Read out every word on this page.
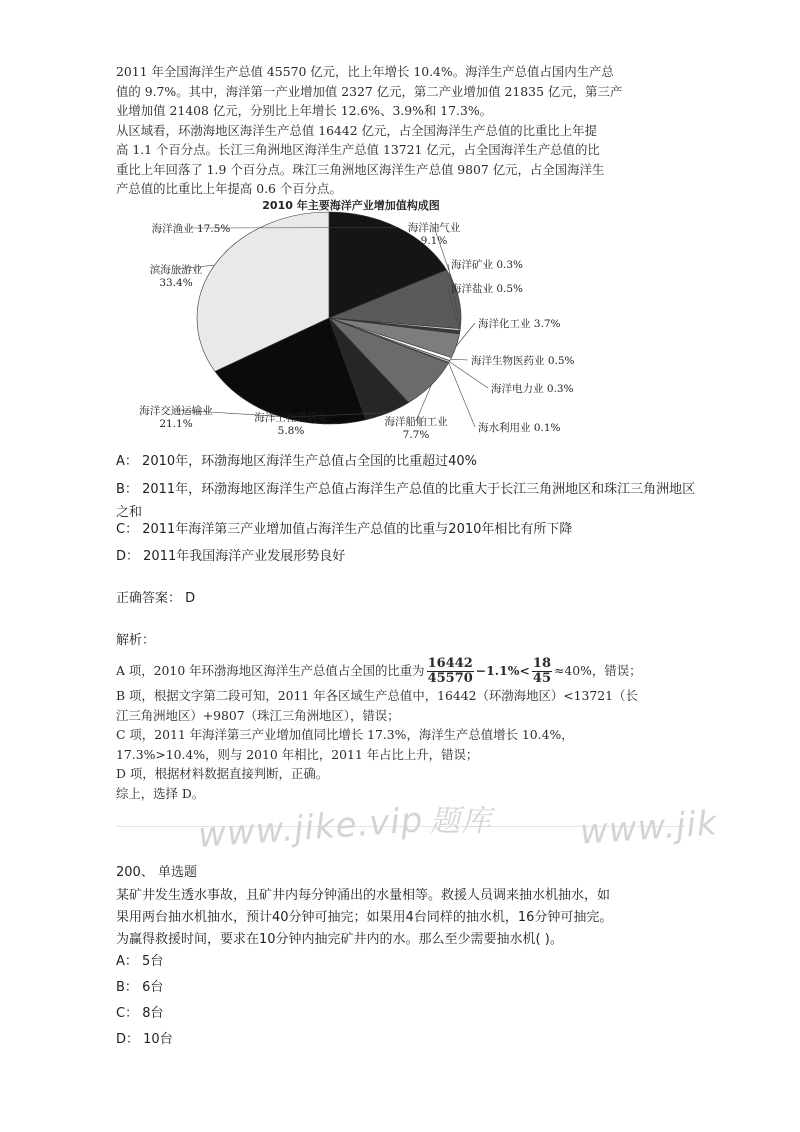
2011 年全国海洋生产总值 45570 亿元，比上年增长 10.4%。海洋生产总值占国内生产总

值的 9.7%。其中，海洋第一产业增加值 2327 亿元，第二产业增加值 21835 亿元，第三产

业增加值 21408 亿元，分别比上年增长 12.6%、3.9%和 17.3%。

从区域看，环渤海地区海洋生产总值 16442 亿元，占全国海洋生产总值的比重比上年提

高 1.1 个百分点。长江三角洲地区海洋生产总值 13721 亿元，占全国海洋生产总值的比

重比上年回落了 1.9 个百分点。珠江三角洲地区海洋生产总值 9807 亿元，占全国海洋生

产总值的比重比上年提高 0.6 个百分点。

2010 年主要海洋产业增加值构成图
海洋渔业 17.5%	海洋油气业 9.1%
海洋矿业 0.3%
海洋盐业 0.5%
海洋化工业 3.7%
海洋生物医药业 0.5%
海洋电力业 0.3%
海水利用业 0.1%
海洋船舶工业 7.7%
海洋工程建筑业 5.8%
海洋交通运输业 21.1%
滨海旅游业 33.4%
A： 2010年，环渤海地区海洋生产总值占全国的比重超过40%
B： 2011年，环渤海地区海洋生产总值占海洋生产总值的比重大于长江三角洲地区和珠江三角洲地区之和
C： 2011年海洋第三产业增加值占海洋生产总值的比重与2010年相比有所下降
D： 2011年我国海洋产业发展形势良好
正确答案： D
解析：

A 项，2010 年环渤海地区海洋生产总值占全国的比重为 $\frac{16442}{45570} -1.1\%< \frac{18}{45} \approx 40\%$，错误；

B 项，根据文字第二段可知，2011 年各区域生产总值中，16442（环渤海地区）<13721（长

江三角洲地区）+9807（珠江三角洲地区），错误；

C 项，2011 年海洋第三产业增加值同比增长 17.3%，海洋生产总值增长 10.4%，

17.3%>10.4%，则与 2010 年相比，2011 年占比上升，错误；

D 项，根据材料数据直接判断，正确。

综上，选择 D。

题库
www.jike.vip	www.jik
200、 单选题
某矿井发生透水事故，且矿井内每分钟涌出的水量相等。救援人员调来抽水机抽水，如
果用两台抽水机抽水，预计40分钟可抽完；如果用4台同样的抽水机，16分钟可抽完。
为赢得救援时间，要求在10分钟内抽完矿井内的水。那么至少需要抽水机( )。
A： 5台
B： 6台
C： 8台
D： 10台
